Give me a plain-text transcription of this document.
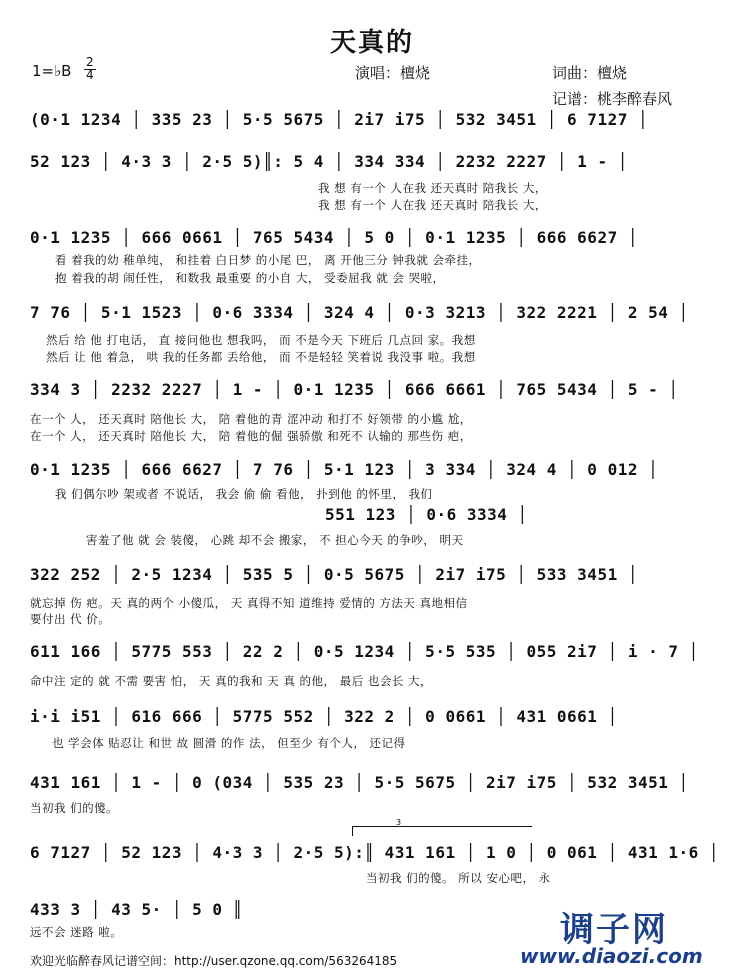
天真的
1=♭B 2
4	演唱：檀烧	词曲：檀烧
记谱：桃李醉春风
(0·1 1234 │ 335 23 │ 5·5 5675 │ 2i7 i75 │ 532 3451 │ 6 7127 │
52 123 │ 4·3 3 │ 2·5 5)║: 5 4 │ 334 334 │ 2232 2227 │ 1 - │
我 想 有一个 人在我 还天真时 陪我长 大，
我 想 有一个 人在我 还天真时 陪我长 大，
0·1 1235 │ 666 0661 │ 765 5434 │ 5 0 │ 0·1 1235 │ 666 6627 │
看 着我的幼 稚单纯， 和挂着 白日梦 的小尾 巴， 离 开他三分 钟我就 会牵挂，
抱 着我的胡 闹任性， 和数我 最重要 的小自 大， 受委屈我 就 会 哭啦，
7 76 │ 5·1 1523 │ 0·6 3334 │ 324 4 │ 0·3 3213 │ 322 2221 │ 2 54 │
然后 给 他 打电话， 直 接问他也 想我吗， 而 不是今天 下班后 几点回 家。我想
然后 让 他 着急， 哄 我的任务都 丢给他， 而 不是轻轻 笑着说 我没事 啦。我想
334 3 │ 2232 2227 │ 1 - │ 0·1 1235 │ 666 6661 │ 765 5434 │ 5 - │
在一个 人， 还天真时 陪他长 大， 陪 着他的青 涩冲动 和打不 好领带 的小尴 尬，
在一个 人， 还天真时 陪他长 大， 陪 着他的倔 强骄傲 和死不 认输的 那些伤 疤，
0·1 1235 │ 666 6627 │ 7 76 │ 5·1 123 │ 3 334 │ 324 4 │ 0 012 │
我 们偶尔吵 架或者 不说话， 我会 偷 偷 看他， 扑到他 的怀里， 我们
551 123 │ 0·6 3334 │
害羞了他 就 会 装傻， 心跳 却不会 搬家， 不 担心今天 的争吵， 明天
322 252 │ 2·5 1234 │ 535 5 │ 0·5 5675 │ 2i7 i75 │ 533 3451 │
就忘掉 伤 疤。天 真的两个 小傻瓜， 天 真得不知 道维持 爱情的 方法天 真地相信
要付出 代 价。
611 166 │ 5775 553 │ 22 2 │ 0·5 1234 │ 5·5 535 │ 055 2i7 │ i · 7 │
命中注 定的 就 不需 要害 怕， 天 真的我和 天 真 的他， 最后 也会长 大，
i·i i51 │ 616 666 │ 5775 552 │ 322 2 │ 0 0661 │ 431 0661 │
也 学会体 贴忍让 和世 故 圆滑 的作 法， 但至少 有个人， 还记得
431 161 │ 1 - │ 0 (034 │ 535 23 │ 5·5 5675 │ 2i7 i75 │ 532 3451 │
当初我 们的傻。
3
6 7127 │ 52 123 │ 4·3 3 │ 2·5 5):║ 431 161 │ 1 0 │ 0 061 │ 431 1·6 │
当初我 们的傻。 所以 安心吧， 永
433 3 │ 43 5· │ 5 0 ║
远不会 迷路 啦。	调子网
www.diaozi.com
欢迎光临醉春风记谱空间：http://user.qzone.qq.com/563264185
